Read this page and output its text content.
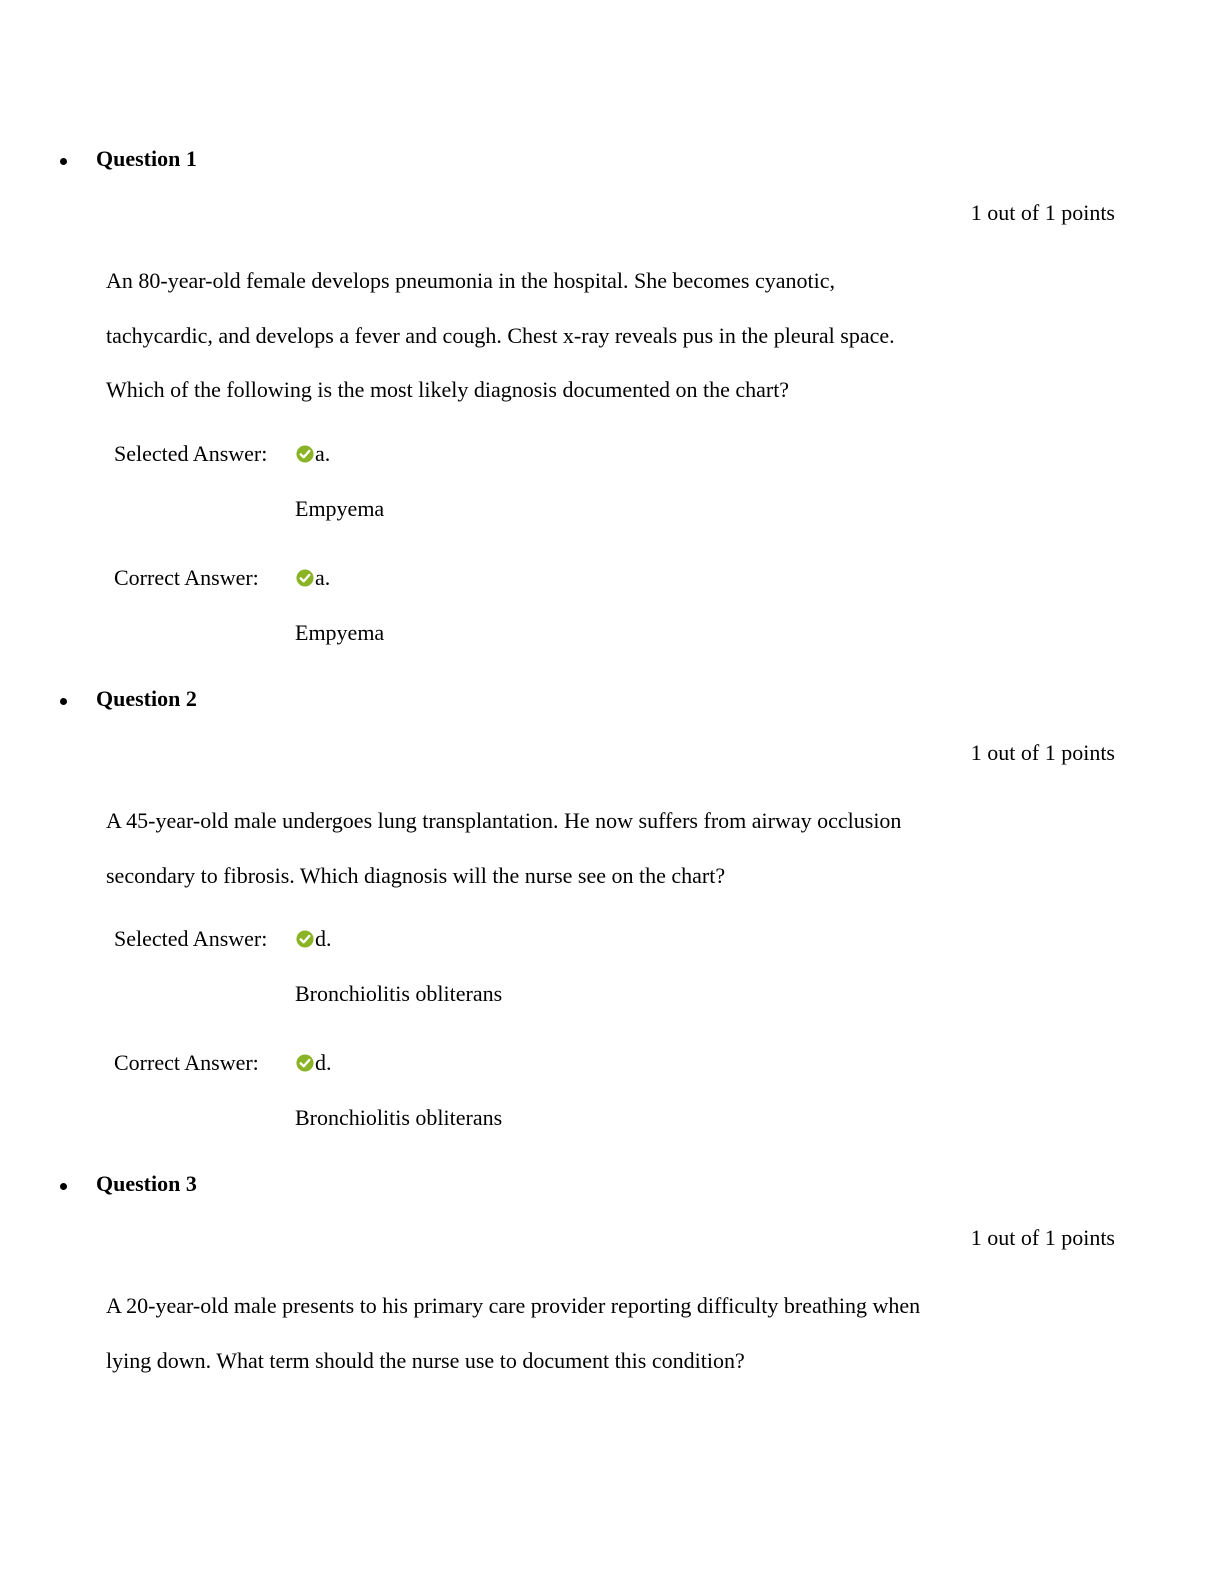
Question 1
1 out of 1 points
An 80-year-old female develops pneumonia in the hospital. She becomes cyanotic,
tachycardic, and develops a fever and cough. Chest x-ray reveals pus in the pleural space.
Which of the following is the most likely diagnosis documented on the chart?
Selected Answer:	a.
Empyema
Correct Answer:	a.
Empyema
Question 2
1 out of 1 points
A 45-year-old male undergoes lung transplantation. He now suffers from airway occlusion
secondary to fibrosis. Which diagnosis will the nurse see on the chart?
Selected Answer:	d.
Bronchiolitis obliterans
Correct Answer:	d.
Bronchiolitis obliterans
Question 3
1 out of 1 points
A 20-year-old male presents to his primary care provider reporting difficulty breathing when
lying down. What term should the nurse use to document this condition?
